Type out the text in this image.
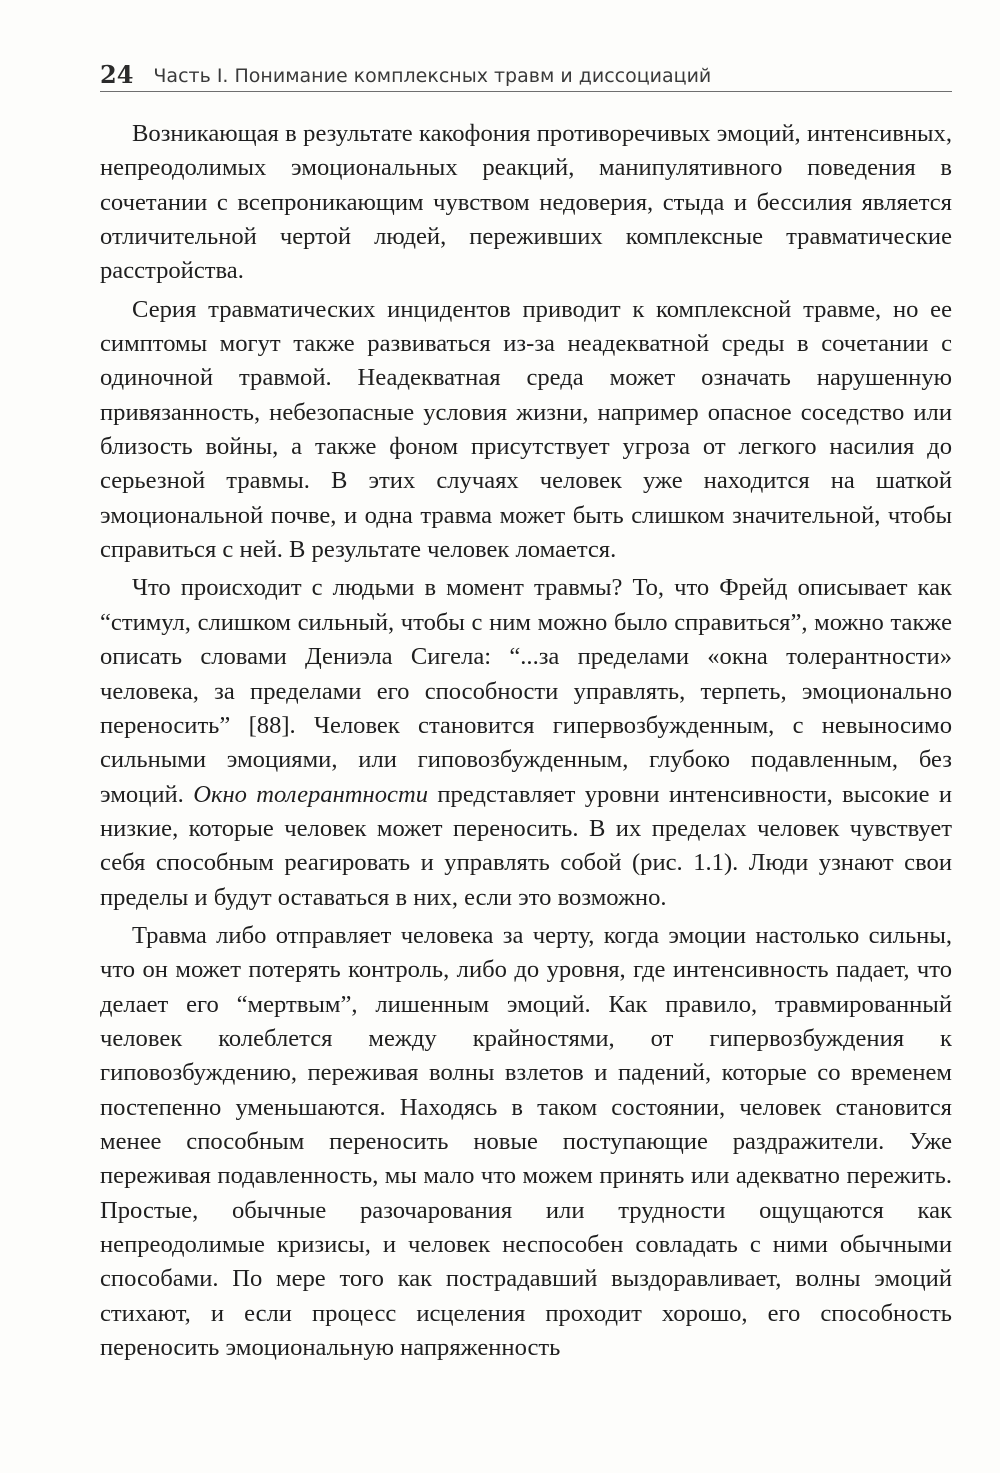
24 Часть I. Понимание комплексных травм и диссоциаций

Возникающая в результате какофония противоречивых эмоций, интенсивных, непреодолимых эмоциональных реакций, манипулятивного поведения в сочетании с всепроникающим чувством недоверия, стыда и бессилия является отличительной чертой людей, переживших комплексные травматические расстройства.

Серия травматических инцидентов приводит к комплексной травме, но ее симптомы могут также развиваться из-за неадекватной среды в сочетании с одиночной травмой. Неадекватная среда может означать нарушенную привязанность, небезопасные условия жизни, например опасное соседство или близость войны, а также фоном присутствует угроза от легкого насилия до серьезной травмы. В этих случаях человек уже находится на шаткой эмоциональной почве, и одна травма может быть слишком значительной, чтобы справиться с ней. В результате человек ломается.

Что происходит с людьми в момент травмы? То, что Фрейд описывает как “стимул, слишком сильный, чтобы с ним можно было справиться”, можно также описать словами Дениэла Сигела: “...за пределами «окна толерантности» человека, за пределами его способности управлять, терпеть, эмоционально переносить” [88]. Человек становится гипервозбужденным, с невыносимо сильными эмоциями, или гиповозбужденным, глубоко подавленным, без эмоций. Окно толерантности представляет уровни интенсивности, высокие и низкие, которые человек может переносить. В их пределах человек чувствует себя способным реагировать и управлять собой (рис. 1.1). Люди узнают свои пределы и будут оставаться в них, если это возможно.

Травма либо отправляет человека за черту, когда эмоции настолько сильны, что он может потерять контроль, либо до уровня, где интенсивность падает, что делает его “мертвым”, лишенным эмоций. Как правило, травмированный человек колеблется между крайностями, от гипервозбуждения к гиповозбуждению, переживая волны взлетов и падений, которые со временем постепенно уменьшаются. Находясь в таком состоянии, человек становится менее способным переносить новые поступающие раздражители. Уже переживая подавленность, мы мало что можем принять или адекватно пережить. Простые, обычные разочарования или трудности ощущаются как непреодолимые кризисы, и человек неспособен совладать с ними обычными способами. По мере того как пострадавший выздоравливает, волны эмоций стихают, и если процесс исцеления проходит хорошо, его способность переносить эмоциональную напряженность
